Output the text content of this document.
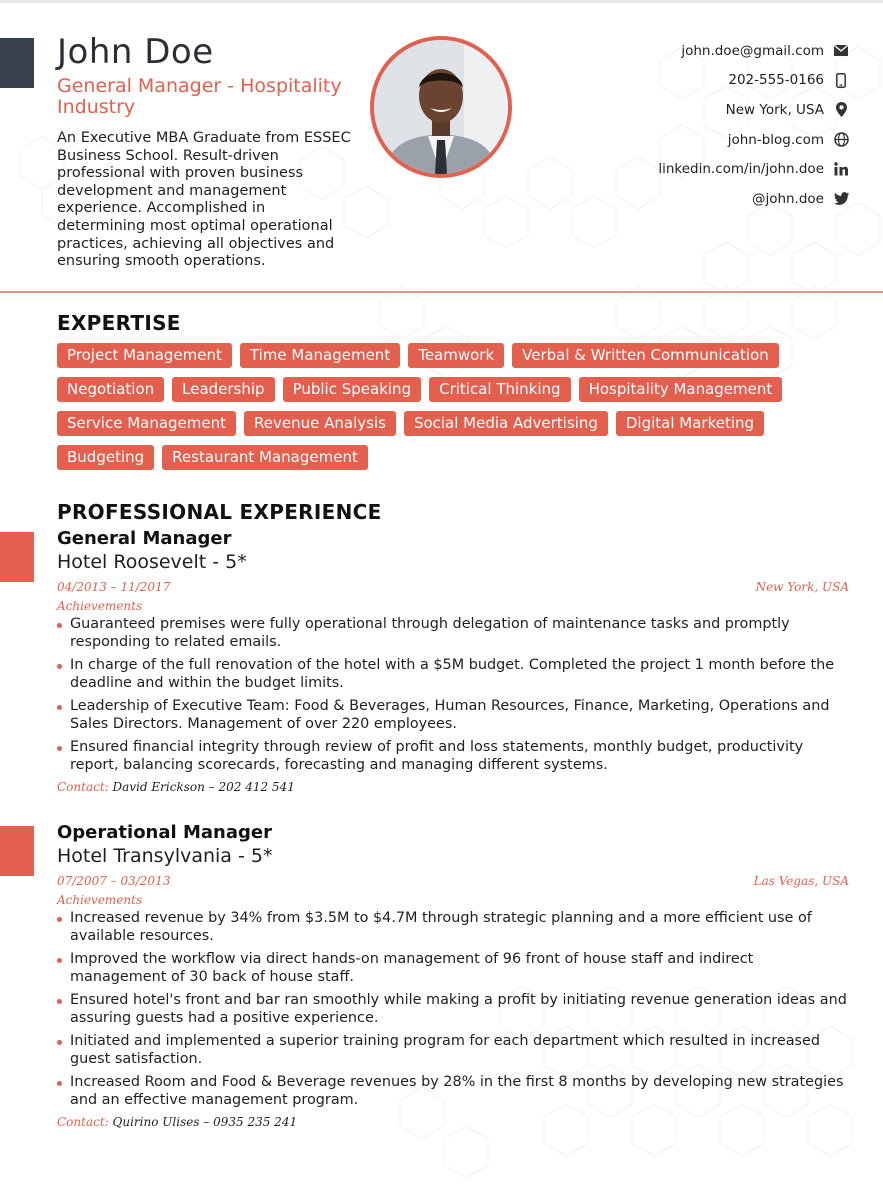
John Doe
General Manager - Hospitality Industry
An Executive MBA Graduate from ESSEC Business School. Result-driven professional with proven business development and management experience. Accomplished in determining most optimal operational practices, achieving all objectives and ensuring smooth operations.
john.doe@gmail.com
202-555-0166
New York, USA
john-blog.com
linkedin.com/in/john.doe
@john.doe
EXPERTISE
Project Management	Time Management	Teamwork	Verbal & Written Communication
Negotiation	Leadership	Public Speaking	Critical Thinking	Hospitality Management
Service Management	Revenue Analysis	Social Media Advertising	Digital Marketing
Budgeting	Restaurant Management
PROFESSIONAL EXPERIENCE
General Manager
Hotel Roosevelt - 5*
04/2013 – 11/2017	New York, USA
Achievements
Guaranteed premises were fully operational through delegation of maintenance tasks and promptly responding to related emails.
In charge of the full renovation of the hotel with a $5M budget. Completed the project 1 month before the deadline and within the budget limits.
Leadership of Executive Team: Food & Beverages, Human Resources, Finance, Marketing, Operations and Sales Directors. Management of over 220 employees.
Ensured financial integrity through review of profit and loss statements, monthly budget, productivity report, balancing scorecards, forecasting and managing different systems.
Contact: David Erickson – 202 412 541
Operational Manager
Hotel Transylvania - 5*
07/2007 – 03/2013	Las Vegas, USA
Achievements
Increased revenue by 34% from $3.5M to $4.7M through strategic planning and a more efficient use of available resources.
Improved the workflow via direct hands-on management of 96 front of house staff and indirect management of 30 back of house staff.
Ensured hotel's front and bar ran smoothly while making a profit by initiating revenue generation ideas and assuring guests had a positive experience.
Initiated and implemented a superior training program for each department which resulted in increased guest satisfaction.
Increased Room and Food & Beverage revenues by 28% in the first 8 months by developing new strategies and an effective management program.
Contact: Quirino Ulises – 0935 235 241
